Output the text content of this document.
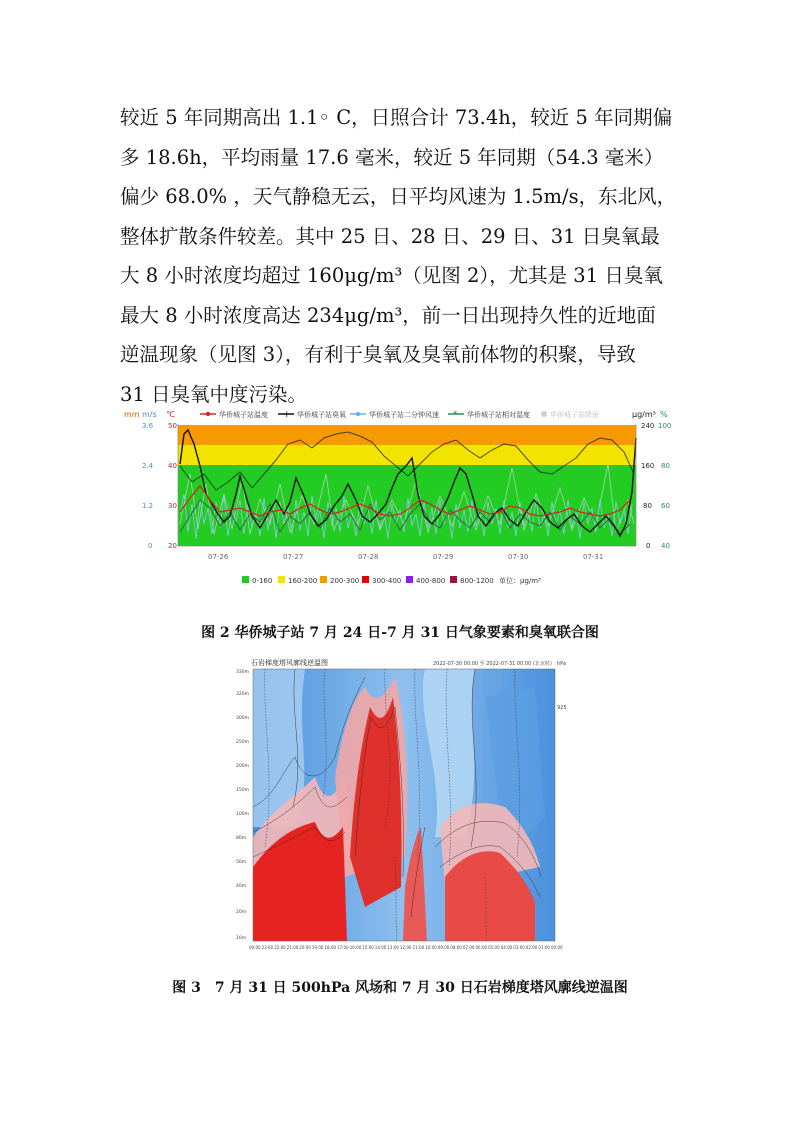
较近 5 年同期高出 1.1◦ C，日照合计 73.4h，较近 5 年同期偏
多 18.6h，平均雨量 17.6 毫米，较近 5 年同期（54.3 毫米）
偏少 68.0% ，天气静稳无云，日平均风速为 1.5m/s，东北风，
整体扩散条件较差。其中 25 日、28 日、29 日、31 日臭氧最
大 8 小时浓度均超过 160μg/m³（见图 2），尤其是 31 日臭氧
最大 8 小时浓度高达 234μg/m³，前一日出现持久性的近地面
逆温现象（见图 3），有利于臭氧及臭氧前体物的积聚，导致
31 日臭氧中度污染。

mm m/s ℃	μg/m³ %
华侨城子站温度 + 华侨城子站臭氧	华侨城子站二分钟风速 * 华侨城子站相对湿度	华侨城子站降雨
3.6
2.4
1.2
0
50
40
30
20
240
160
80
0
100
80
60
40
07-26	07-27	07-28	07-29	07-30	07-31
0-160 160-200 200-300 300-400 400-800 800-1200 单位：μg/m³
图 2 华侨城子站 7 月 24 日-7 月 31 日气象要素和臭氧联合图
石岩梯度塔风廓线逆温图	2022-07-30 00:00 至 2022-07-31 00:00 (北京时) hPa
925
330m
320m
300m
250m
200m
150m
100m
80m
50m
40m
20m
10m
00:00 23:00 22:00 21:00 20:00 19:00 18:00 17:00 16:00 15:00 14:00 13:00 12:00 11:00 10:00 09:00 08:00 07:00 06:00 05:00 04:00 03:00 02:00 01:00 00:00
图 3　7 月 31 日 500hPa 风场和 7 月 30 日石岩梯度塔风廓线逆温图
